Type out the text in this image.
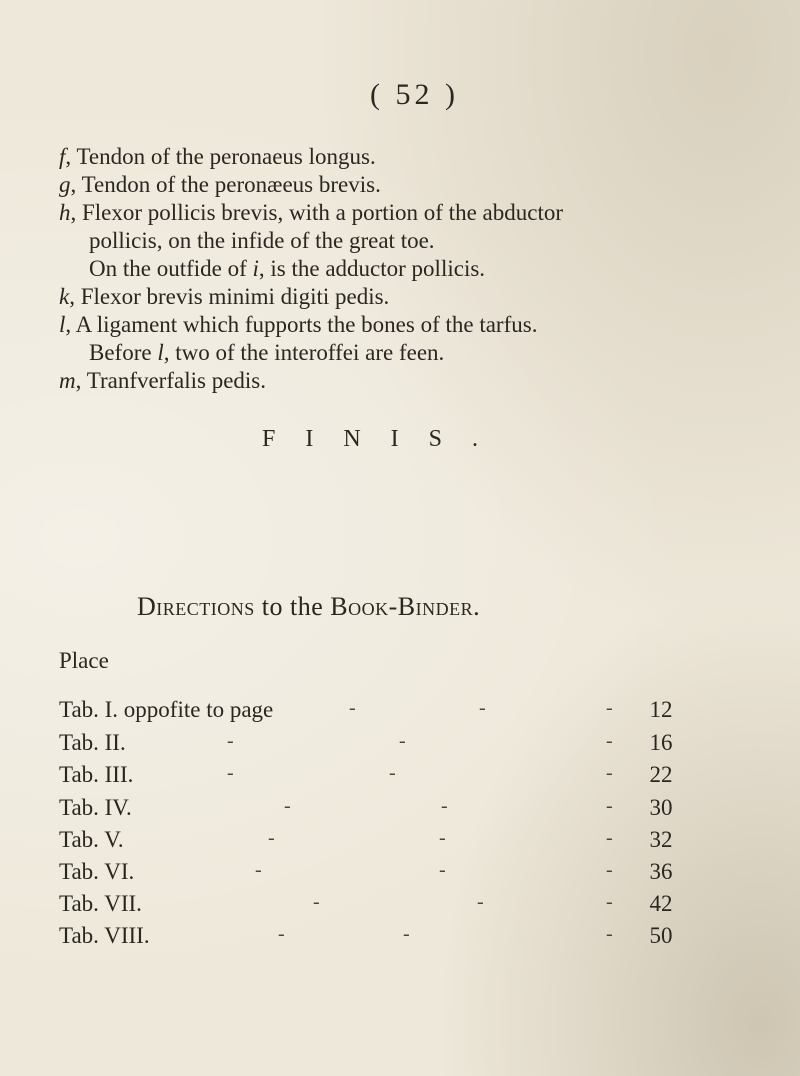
( 52 )
f, Tendon of the peronaeus longus.
g, Tendon of the peronæeus brevis.
h, Flexor pollicis brevis, with a portion of the abductor
pollicis, on the infide of the great toe.
On the outfide of i, is the adductor pollicis.
k, Flexor brevis minimi digiti pedis.
l, A ligament which fupports the bones of the tarfus.
Before l, two of the interoffei are feen.
m, Tranfverfalis pedis.
FINIS.
Directions to the Book-Binder.
Place
Tab. I. oppofite to page	-	-	-	12
Tab. II.	-	-	-	16
Tab. III.	-	-	-	22
Tab. IV.	-	-	-	30
Tab. V.	-	-	-	32
Tab. VI.	-	-	-	36
Tab. VII.	-	-	-	42
Tab. VIII.	-	-	-	50
